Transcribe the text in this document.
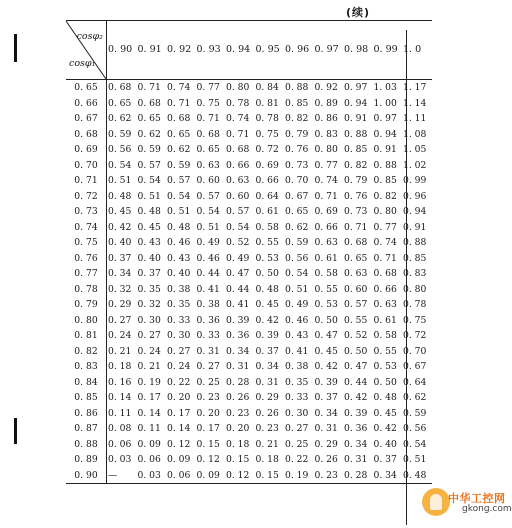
(续)
cosφ₂
cosφ₁	0. 90	0. 91	0. 92	0. 93	0. 94	0. 95	0. 96	0. 97	0. 98	0. 99	1. 0
0. 65	0. 68	0. 71	0. 74	0. 77	0. 80	0. 84	0. 88	0. 92	0. 97	1. 03	1. 17
0. 66	0. 65	0. 68	0. 71	0. 75	0. 78	0. 81	0. 85	0. 89	0. 94	1. 00	1. 14
0. 67	0. 62	0. 65	0. 68	0. 71	0. 74	0. 78	0. 82	0. 86	0. 91	0. 97	1. 11
0. 68	0. 59	0. 62	0. 65	0. 68	0. 71	0. 75	0. 79	0. 83	0. 88	0. 94	1. 08
0. 69	0. 56	0. 59	0. 62	0. 65	0. 68	0. 72	0. 76	0. 80	0. 85	0. 91	1. 05
0. 70	0. 54	0. 57	0. 59	0. 63	0. 66	0. 69	0. 73	0. 77	0. 82	0. 88	1. 02
0. 71	0. 51	0. 54	0. 57	0. 60	0. 63	0. 66	0. 70	0. 74	0. 79	0. 85	0. 99
0. 72	0. 48	0. 51	0. 54	0. 57	0. 60	0. 64	0. 67	0. 71	0. 76	0. 82	0. 96
0. 73	0. 45	0. 48	0. 51	0. 54	0. 57	0. 61	0. 65	0. 69	0. 73	0. 80	0. 94
0. 74	0. 42	0. 45	0. 48	0. 51	0. 54	0. 58	0. 62	0. 66	0. 71	0. 77	0. 91
0. 75	0. 40	0. 43	0. 46	0. 49	0. 52	0. 55	0. 59	0. 63	0. 68	0. 74	0. 88
0. 76	0. 37	0. 40	0. 43	0. 46	0. 49	0. 53	0. 56	0. 61	0. 65	0. 71	0. 85
0. 77	0. 34	0. 37	0. 40	0. 44	0. 47	0. 50	0. 54	0. 58	0. 63	0. 68	0. 83
0. 78	0. 32	0. 35	0. 38	0. 41	0. 44	0. 48	0. 51	0. 55	0. 60	0. 66	0. 80
0. 79	0. 29	0. 32	0. 35	0. 38	0. 41	0. 45	0. 49	0. 53	0. 57	0. 63	0. 78
0. 80	0. 27	0. 30	0. 33	0. 36	0. 39	0. 42	0. 46	0. 50	0. 55	0. 61	0. 75
0. 81	0. 24	0. 27	0. 30	0. 33	0. 36	0. 39	0. 43	0. 47	0. 52	0. 58	0. 72
0. 82	0. 21	0. 24	0. 27	0. 31	0. 34	0. 37	0. 41	0. 45	0. 50	0. 55	0. 70
0. 83	0. 18	0. 21	0. 24	0. 27	0. 31	0. 34	0. 38	0. 42	0. 47	0. 53	0. 67
0. 84	0. 16	0. 19	0. 22	0. 25	0. 28	0. 31	0. 35	0. 39	0. 44	0. 50	0. 64
0. 85	0. 14	0. 17	0. 20	0. 23	0. 26	0. 29	0. 33	0. 37	0. 42	0. 48	0. 62
0. 86	0. 11	0. 14	0. 17	0. 20	0. 23	0. 26	0. 30	0. 34	0. 39	0. 45	0. 59
0. 87	0. 08	0. 11	0. 14	0. 17	0. 20	0. 23	0. 27	0. 31	0. 36	0. 42	0. 56
0. 88	0. 06	0. 09	0. 12	0. 15	0. 18	0. 21	0. 25	0. 29	0. 34	0. 40	0. 54
0. 89	0. 03	0. 06	0. 09	0. 12	0. 15	0. 18	0. 22	0. 26	0. 31	0. 37	0. 51
0. 90	—	0. 03	0. 06	0. 09	0. 12	0. 15	0. 19	0. 23	0. 28	0. 34	0. 48
中华工控网
gkong.com
